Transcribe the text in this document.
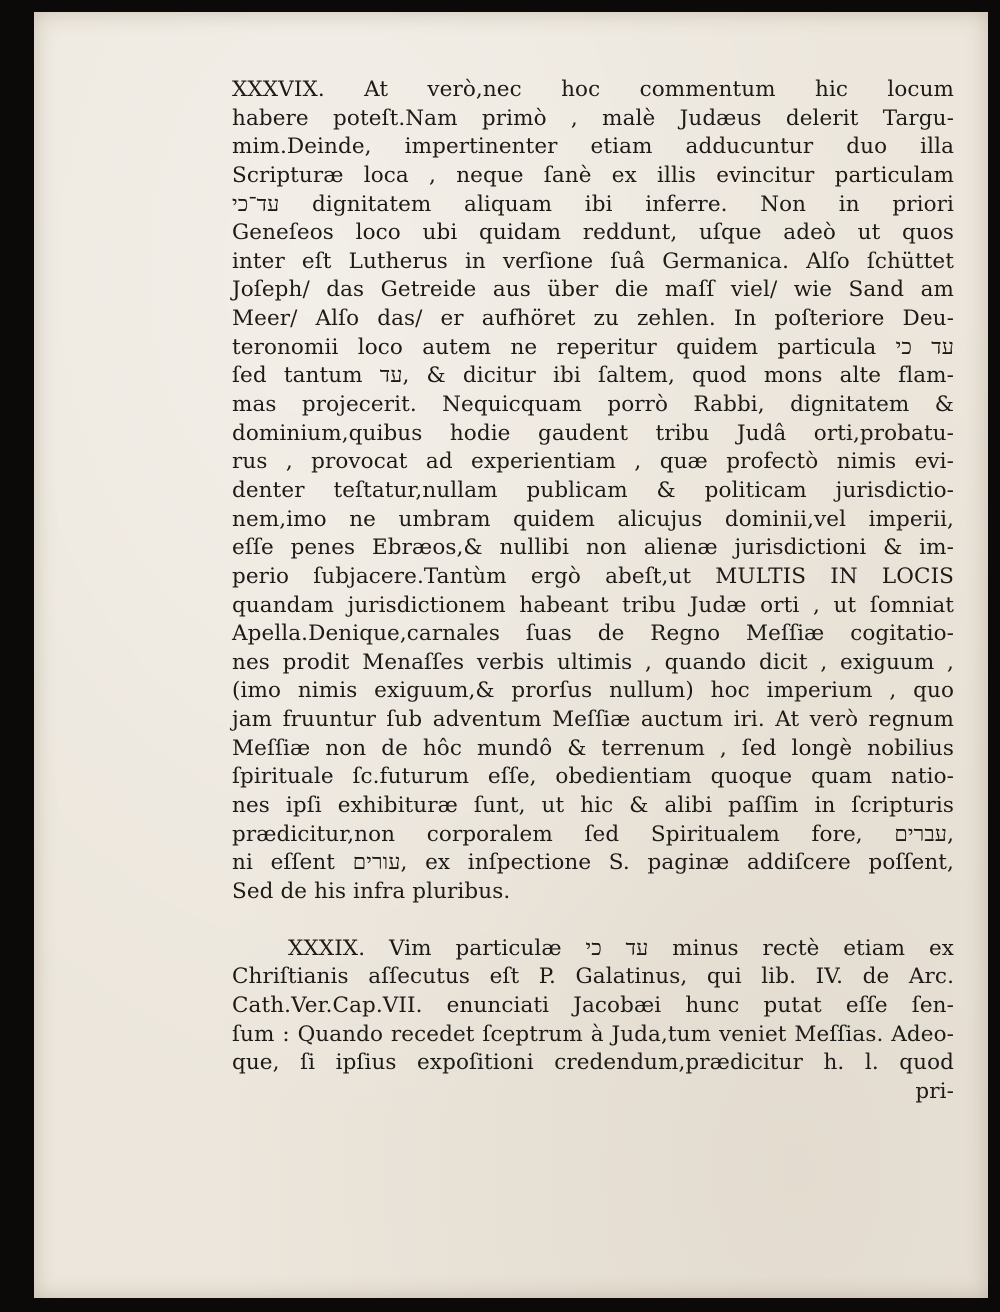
XXXVIX. At verò,nec hoc commentum hic locum
habere poteſt.Nam primò , malè Judæus delerit Targu-
mim.Deinde, impertinenter etiam adducuntur duo illa
Scripturæ loca , neque ſanè ex illis evincitur particulam
עד־כי dignitatem aliquam ibi inferre. Non in priori
Geneſeos loco ubi quidam reddunt, uſque adeò ut quos
inter eſt Lutherus in verſione ſuâ Germanica. Alſo ſchüttet
Joſeph/ das Getreide aus über die maſſ viel/ wie Sand am
Meer/ Alſo das/ er aufhöret zu zehlen. In poſteriore Deu-
teronomii loco autem ne reperitur quidem particula עד כי
ſed tantum עד, & dicitur ibi ſaltem, quod mons alte flam-
mas projecerit. Nequicquam porrò Rabbi, dignitatem &
dominium,quibus hodie gaudent tribu Judâ orti,probatu-
rus , provocat ad experientiam , quæ profectò nimis evi-
denter teſtatur,nullam publicam & politicam jurisdictio-
nem,imo ne umbram quidem alicujus dominii,vel imperii,
eſſe penes Ebræos,& nullibi non alienæ jurisdictioni & im-
perio ſubjacere.Tantùm ergò abeſt,ut MULTIS IN LOCIS
quandam jurisdictionem habeant tribu Judæ orti , ut ſomniat
Apella.Denique,carnales ſuas de Regno Meſſiæ cogitatio-
nes prodit Menaſſes verbis ultimis , quando dicit , exiguum ,
(imo nimis exiguum,& prorſus nullum) hoc imperium , quo
jam fruuntur ſub adventum Meſſiæ auctum iri. At verò regnum
Meſſiæ non de hôc mundô & terrenum , ſed longè nobilius
ſpirituale ſc.futurum eſſe, obedientiam quoque quam natio-
nes ipſi exhibituræ ſunt, ut hic & alibi paſſim in ſcripturis
prædicitur,non corporalem ſed Spiritualem fore, עברים,
ni eſſent עורים, ex inſpectione S. paginæ addiſcere poſſent,
Sed de his infra pluribus.
XXXIX. Vim particulæ עד כי minus rectè etiam ex
Chriſtianis aſſecutus eſt P. Galatinus, qui lib. IV. de Arc.
Cath.Ver.Cap.VII. enunciati Jacobæi hunc putat eſſe ſen-
ſum : Quando recedet ſceptrum à Juda,tum veniet Meſſias. Adeo-
que, ſi ipſius expoſitioni credendum,prædicitur h. l. quod
pri-
